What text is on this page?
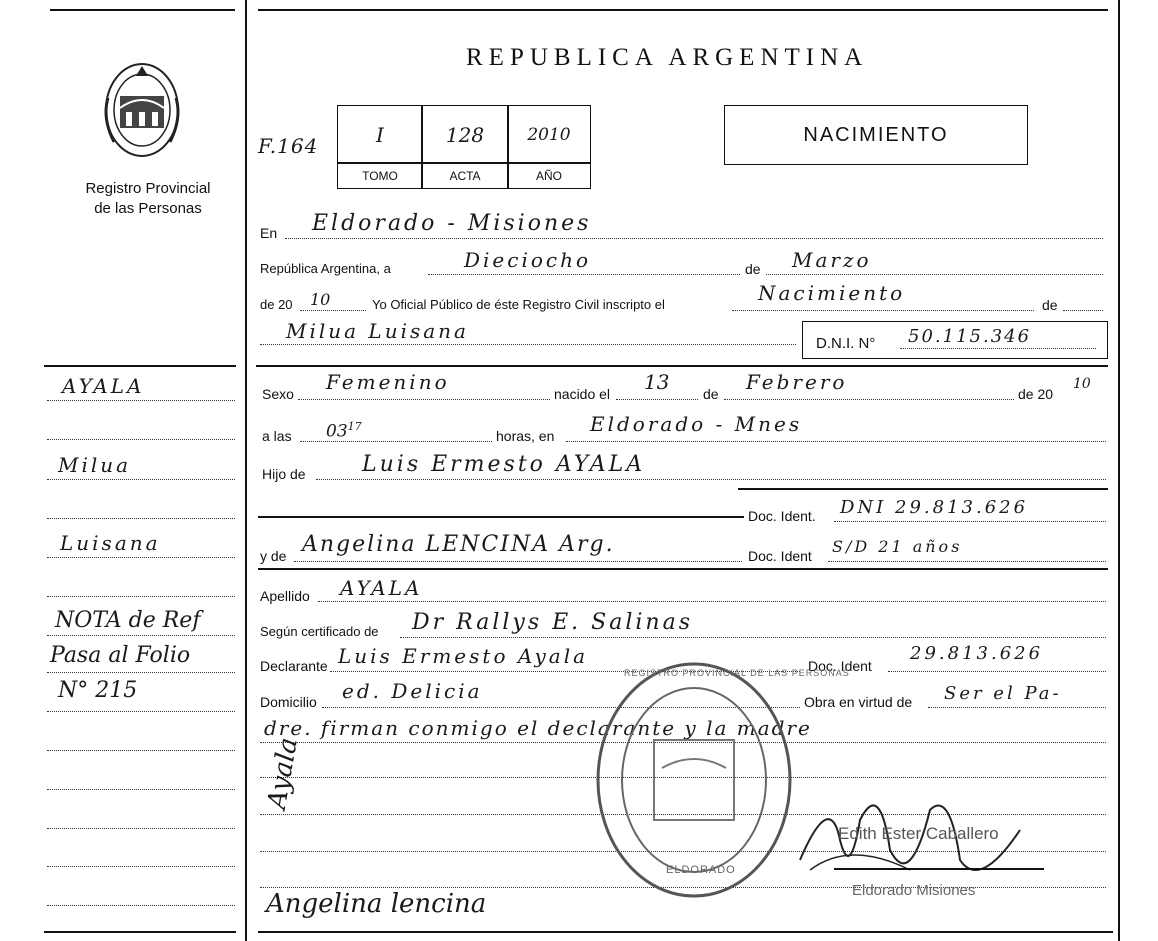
Registro Provincial
de las Personas
REPUBLICA ARGENTINA
F.164	I	128	2010
TOMO	ACTA	AÑO
NACIMIENTO
En Eldorado - Misiones
República Argentina, a	Dieciocho	de Marzo
de 20 10	Yo Oficial Público de éste Registro Civil inscripto el	Nacimiento	de
Milua Luisana
D.N.I. N° 50.115.346
AYALA
Milua
Luisana
NOTA de Ref
Pasa al Folio
N° 215
Sexo Femenino	nacido el 13 de Febrero	de 20
10
a las $03^{17}$
horas, en Eldorado - Mnes
Hijo de	Luis Ermesto AYALA
Doc. Ident. DNI 29.813.626
y de Angelina LENCINA Arg.	Doc. Ident S/D 21 años
Apellido AYALA
Según certificado de Dr Rallys E. Salinas
Declarante Luis Ermesto Ayala	Doc. Ident
29.813.626
Domicilio ed. Delicia	Obra en virtud de Ser el Pa-
dre. firman conmigo el declarante y la madre
Ayala
Angelina lencina
REGISTRO PROVINCIAL DE LAS PERSONAS
ELDORADO
Edith Ester Caballero
Eldorado Misiones
